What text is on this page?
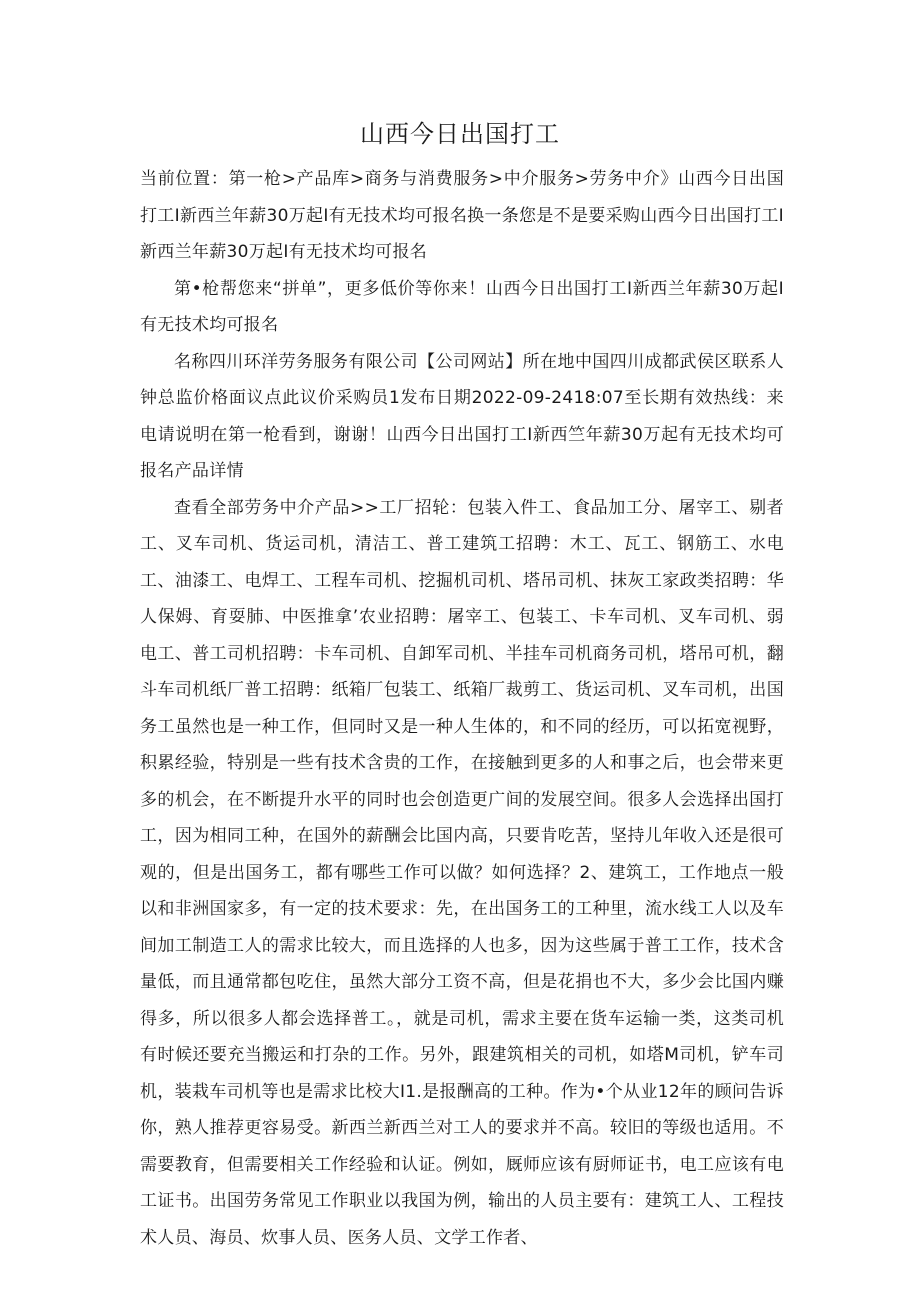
山西今日出国打工

当前位置：第一枪>产品库>商务与消费服务>中介服务>劳务中介》山西今日出国打工I新西兰年薪30万起I有无技术均可报名换一条您是不是要采购山西今日出国打工I新西兰年薪30万起I有无技术均可报名

第•枪帮您来“拼单”，更多低价等你来！山西今日出国打工I新西兰年薪30万起I有无技术均可报名

名称四川环洋劳务服务有限公司【公司网站】所在地中国四川成都武侯区联系人钟总监价格面议点此议价采购员1发布日期2022-09-2418:07至长期有效热线：来电请说明在第一枪看到，谢谢！山西今日出国打工I新西竺年薪30万起有无技术均可报名产品详情

查看全部劳务中介产品>>工厂招轮：包装入件工、食品加工分、屠宰工、剔者工、叉车司机、货运司机，清洁工、普工建筑工招聘：木工、瓦工、钢筋工、水电工、油漆工、电焊工、工程车司机、挖掘机司机、塔吊司机、抹灰工家政类招聘：华人保姆、育耍肺、中医推拿’农业招聘：屠宰工、包装工、卡车司机、叉车司机、弱电工、普工司机招聘：卡车司机、自卸军司机、半挂车司机商务司机，塔吊可机，翻斗车司机纸厂普工招聘：纸箱厂包装工、纸箱厂裁剪工、货运司机、叉车司机，出国务工虽然也是一种工作，但同时又是一种人生体的，和不同的经历，可以拓宽视野，积累经验，特别是一些有技术含贵的工作，在接触到更多的人和事之后，也会带来更多的机会，在不断提升水平的同时也会创造更广间的发展空间。很多人会选择出国打工，因为相同工种，在国外的薪酬会比国内高，只要肯吃苦，坚持儿年收入还是很可观的，但是出国务工，都有哪些工作可以做？如何选择？2、建筑工，工作地点一般以和非洲国家多，有一定的技术要求：先，在出国务工的工种里，流水线工人以及车间加工制造工人的需求比较大，而且选择的人也多，因为这些属于普工工作，技术含量低，而且通常都包吃住，虽然大部分工资不高，但是花捐也不大，多少会比国内赚得多，所以很多人都会选择普工。，就是司机，需求主要在货车运输一类，这类司机有时候还要充当搬运和打杂的工作。另外，跟建筑相关的司机，如塔M司机，铲车司机，装栽车司机等也是需求比校大I1.是报酬高的工种。作为•个从业12年的顾问告诉你，熟人推荐更容易受。新西兰新西兰对工人的要求并不高。较旧的等级也适用。不需要教育，但需要相关工作经验和认证。例如，厩师应该有厨师证书，电工应该有电工证书。出国劳务常见工作职业以我国为例，输出的人员主要有：建筑工人、工程技术人员、海员、炊事人员、医务人员、文学工作者、
